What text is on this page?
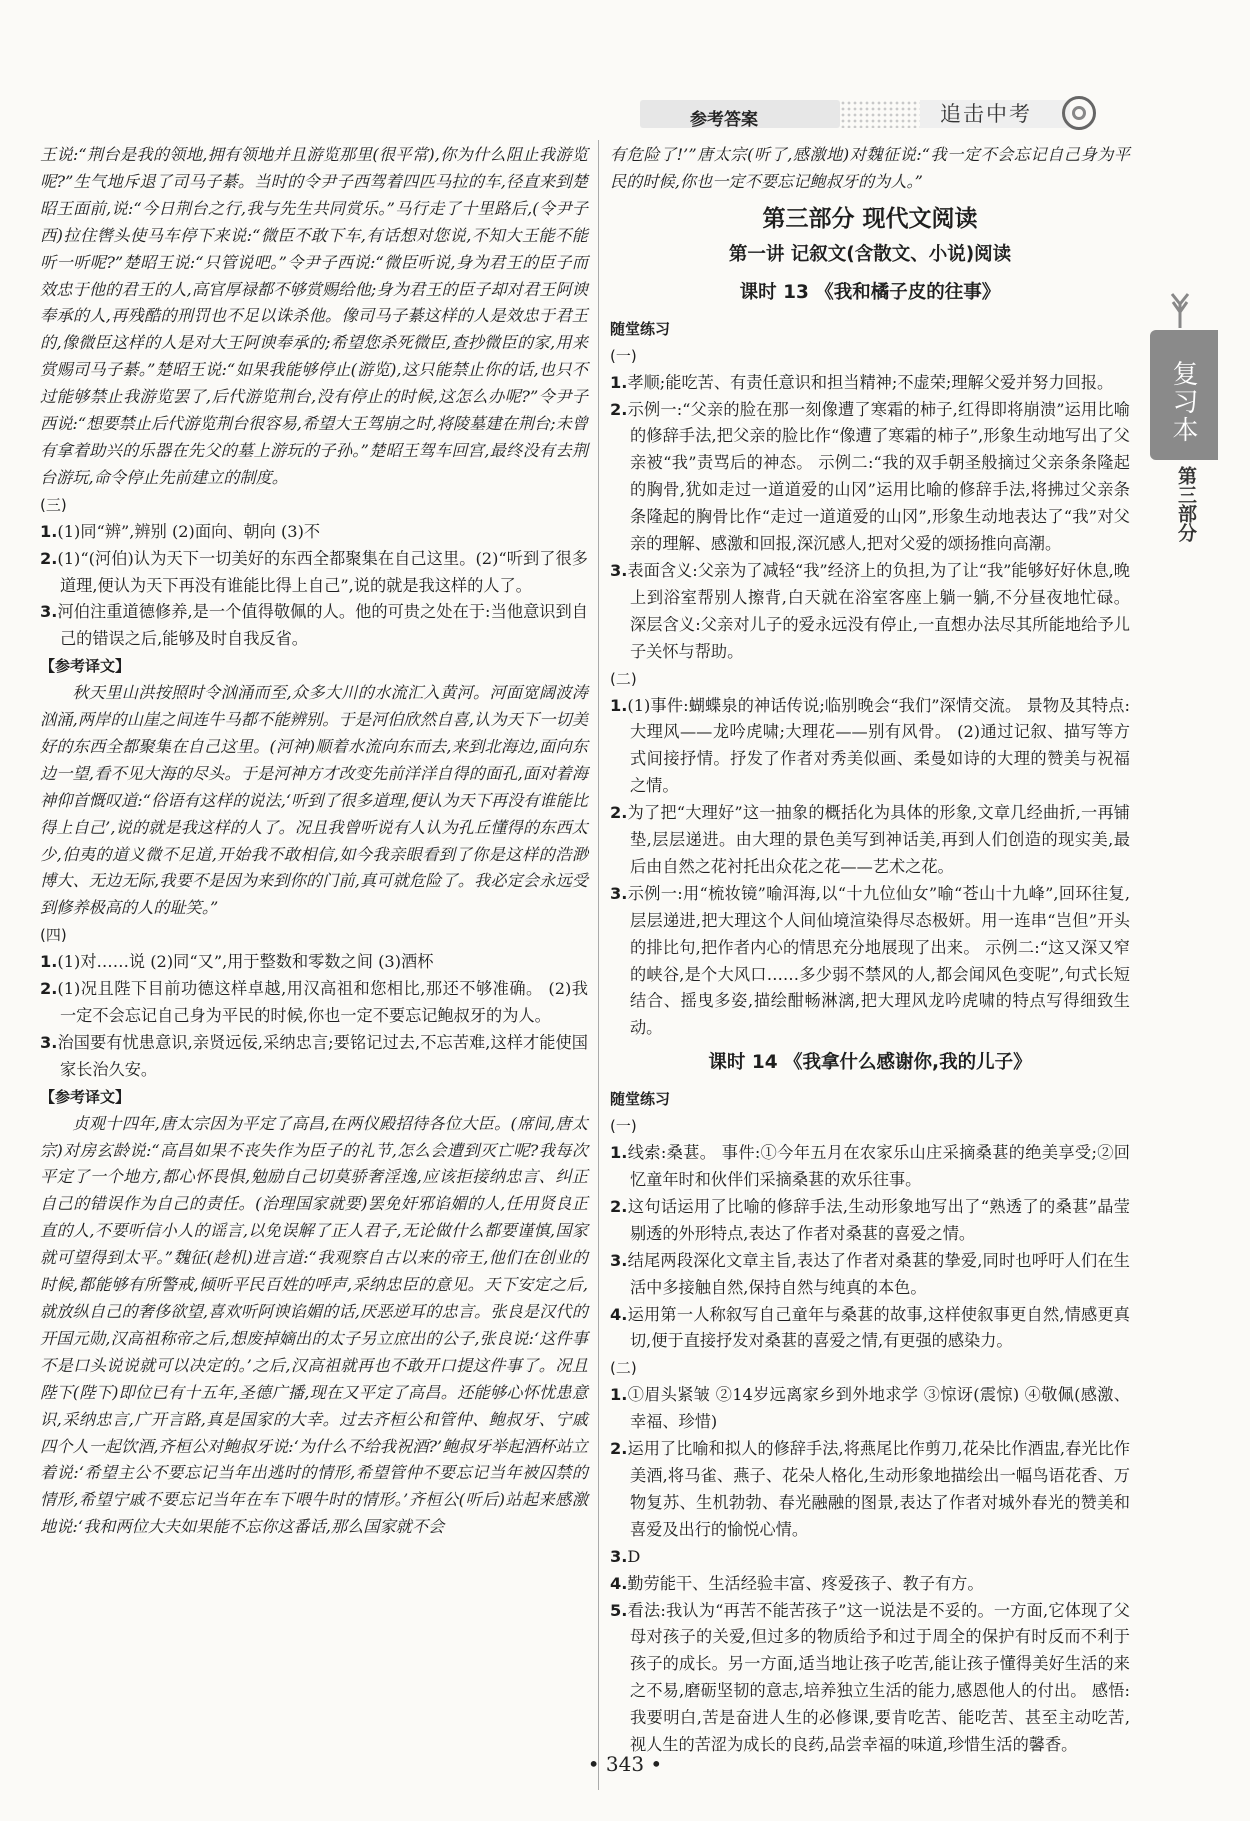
参考答案	追击中考

王说:“荆台是我的领地,拥有领地并且游览那里(很平常),你为什么阻止我游览呢?”生气地斥退了司马子綦。当时的令尹子西驾着四匹马拉的车,径直来到楚昭王面前,说:“今日荆台之行,我与先生共同赏乐。”马行走了十里路后,(令尹子西)拉住辔头使马车停下来说:“微臣不敢下车,有话想对您说,不知大王能不能听一听呢?”楚昭王说:“只管说吧。”令尹子西说:“微臣听说,身为君王的臣子而效忠于他的君王的人,高官厚禄都不够赏赐给他;身为君王的臣子却对君王阿谀奉承的人,再残酷的刑罚也不足以诛杀他。像司马子綦这样的人是效忠于君王的,像微臣这样的人是对大王阿谀奉承的;希望您杀死微臣,查抄微臣的家,用来赏赐司马子綦。”楚昭王说:“如果我能够停止(游览),这只能禁止你的话,也只不过能够禁止我游览罢了,后代游览荆台,没有停止的时候,这怎么办呢?”令尹子西说:“想要禁止后代游览荆台很容易,希望大王驾崩之时,将陵墓建在荆台;未曾有拿着助兴的乐器在先父的墓上游玩的子孙。”楚昭王驾车回宫,最终没有去荆台游玩,命令停止先前建立的制度。

(三)

1.(1)同“辨”,辨别 (2)面向、朝向 (3)不

2.(1)“(河伯)认为天下一切美好的东西全都聚集在自己这里。(2)“听到了很多道理,便认为天下再没有谁能比得上自己”,说的就是我这样的人了。

3.河伯注重道德修养,是一个值得敬佩的人。他的可贵之处在于:当他意识到自己的错误之后,能够及时自我反省。

【参考译文】

秋天里山洪按照时令汹涌而至,众多大川的水流汇入黄河。河面宽阔波涛汹涌,两岸的山崖之间连牛马都不能辨别。于是河伯欣然自喜,认为天下一切美好的东西全都聚集在自己这里。(河神)顺着水流向东而去,来到北海边,面向东边一望,看不见大海的尽头。于是河神方才改变先前洋洋自得的面孔,面对着海神仰首慨叹道:“俗语有这样的说法,‘听到了很多道理,便认为天下再没有谁能比得上自己’,说的就是我这样的人了。况且我曾听说有人认为孔丘懂得的东西太少,伯夷的道义微不足道,开始我不敢相信,如今我亲眼看到了你是这样的浩渺博大、无边无际,我要不是因为来到你的门前,真可就危险了。我必定会永远受到修养极高的人的耻笑。”

(四)

1.(1)对……说 (2)同“又”,用于整数和零数之间 (3)酒杯

2.(1)况且陛下目前功德这样卓越,用汉高祖和您相比,那还不够准确。 (2)我一定不会忘记自己身为平民的时候,你也一定不要忘记鲍叔牙的为人。

3.治国要有忧患意识,亲贤远佞,采纳忠言;要铭记过去,不忘苦难,这样才能使国家长治久安。

【参考译文】

贞观十四年,唐太宗因为平定了高昌,在两仪殿招待各位大臣。(席间,唐太宗)对房玄龄说:“高昌如果不丧失作为臣子的礼节,怎么会遭到灭亡呢?我每次平定了一个地方,都心怀畏惧,勉励自己切莫骄奢淫逸,应该拒接纳忠言、纠正自己的错误作为自己的责任。(治理国家就要)罢免奸邪谄媚的人,任用贤良正直的人,不要听信小人的谣言,以免误解了正人君子,无论做什么都要谨慎,国家就可望得到太平。”魏征(趁机)进言道:“我观察自古以来的帝王,他们在创业的时候,都能够有所警戒,倾听平民百姓的呼声,采纳忠臣的意见。天下安定之后,就放纵自己的奢侈欲望,喜欢听阿谀谄媚的话,厌恶逆耳的忠言。张良是汉代的开国元勋,汉高祖称帝之后,想废掉嫡出的太子另立庶出的公子,张良说:‘这件事不是口头说说就可以决定的。’之后,汉高祖就再也不敢开口提这件事了。况且陛下(陛下)即位已有十五年,圣德广播,现在又平定了高昌。还能够心怀忧患意识,采纳忠言,广开言路,真是国家的大幸。过去齐桓公和管仲、鲍叔牙、宁戚四个人一起饮酒,齐桓公对鲍叔牙说:‘为什么不给我祝酒?’鲍叔牙举起酒杯站立着说:‘希望主公不要忘记当年出逃时的情形,希望管仲不要忘记当年被囚禁的情形,希望宁戚不要忘记当年在车下喂牛时的情形。’齐桓公(听后)站起来感激地说:‘我和两位大夫如果能不忘你这番话,那么国家就不会

有危险了!’”唐太宗(听了,感激地)对魏征说:“我一定不会忘记自己身为平民的时候,你也一定不要忘记鲍叔牙的为人。”

第三部分 现代文阅读

第一讲 记叙文(含散文、小说)阅读

课时 13 《我和橘子皮的往事》

随堂练习

(一)

1.孝顺;能吃苦、有责任意识和担当精神;不虚荣;理解父爱并努力回报。

2.示例一:“父亲的脸在那一刻像遭了寒霜的柿子,红得即将崩溃”运用比喻的修辞手法,把父亲的脸比作“像遭了寒霜的柿子”,形象生动地写出了父亲被“我”责骂后的神态。 示例二:“我的双手朝圣般摘过父亲条条隆起的胸骨,犹如走过一道道爱的山冈”运用比喻的修辞手法,将拂过父亲条条隆起的胸骨比作“走过一道道爱的山冈”,形象生动地表达了“我”对父亲的理解、感激和回报,深沉感人,把对父爱的颂扬推向高潮。

3.表面含义:父亲为了减轻“我”经济上的负担,为了让“我”能够好好休息,晚上到浴室帮别人擦背,白天就在浴室客座上躺一躺,不分昼夜地忙碌。 深层含义:父亲对儿子的爱永远没有停止,一直想办法尽其所能地给予儿子关怀与帮助。

(二)

1.(1)事件:蝴蝶泉的神话传说;临别晚会“我们”深情交流。 景物及其特点:大理风——龙吟虎啸;大理花——别有风骨。 (2)通过记叙、描写等方式间接抒情。抒发了作者对秀美似画、柔曼如诗的大理的赞美与祝福之情。

2.为了把“大理好”这一抽象的概括化为具体的形象,文章几经曲折,一再铺垫,层层递进。由大理的景色美写到神话美,再到人们创造的现实美,最后由自然之花衬托出众花之花——艺术之花。

3.示例一:用“梳妆镜”喻洱海,以“十九位仙女”喻“苍山十九峰”,回环往复,层层递进,把大理这个人间仙境渲染得尽态极妍。用一连串“岂但”开头的排比句,把作者内心的情思充分地展现了出来。 示例二:“这又深又窄的峡谷,是个大风口……多少弱不禁风的人,都会闻风色变呢”,句式长短结合、摇曳多姿,描绘酣畅淋漓,把大理风龙吟虎啸的特点写得细致生动。

课时 14 《我拿什么感谢你,我的儿子》

随堂练习

(一)

1.线索:桑葚。 事件:①今年五月在农家乐山庄采摘桑葚的绝美享受;②回忆童年时和伙伴们采摘桑葚的欢乐往事。

2.这句话运用了比喻的修辞手法,生动形象地写出了“熟透了的桑葚”晶莹剔透的外形特点,表达了作者对桑葚的喜爱之情。

3.结尾两段深化文章主旨,表达了作者对桑葚的挚爱,同时也呼吁人们在生活中多接触自然,保持自然与纯真的本色。

4.运用第一人称叙写自己童年与桑葚的故事,这样使叙事更自然,情感更真切,便于直接抒发对桑葚的喜爱之情,有更强的感染力。

(二)

1.①眉头紧皱 ②14岁远离家乡到外地求学 ③惊讶(震惊) ④敬佩(感激、幸福、珍惜)

2.运用了比喻和拟人的修辞手法,将燕尾比作剪刀,花朵比作酒盅,春光比作美酒,将马雀、燕子、花朵人格化,生动形象地描绘出一幅鸟语花香、万物复苏、生机勃勃、春光融融的图景,表达了作者对城外春光的赞美和喜爱及出行的愉悦心情。

3.D

4.勤劳能干、生活经验丰富、疼爱孩子、教子有方。

5.看法:我认为“再苦不能苦孩子”这一说法是不妥的。一方面,它体现了父母对孩子的关爱,但过多的物质给予和过于周全的保护有时反而不利于孩子的成长。另一方面,适当地让孩子吃苦,能让孩子懂得美好生活的来之不易,磨砺坚韧的意志,培养独立生活的能力,感恩他人的付出。 感悟:我要明白,苦是奋进人生的必修课,要肯吃苦、能吃苦、甚至主动吃苦,视人生的苦涩为成长的良药,品尝幸福的味道,珍惜生活的馨香。

复习本
第三部分
• 343 •
